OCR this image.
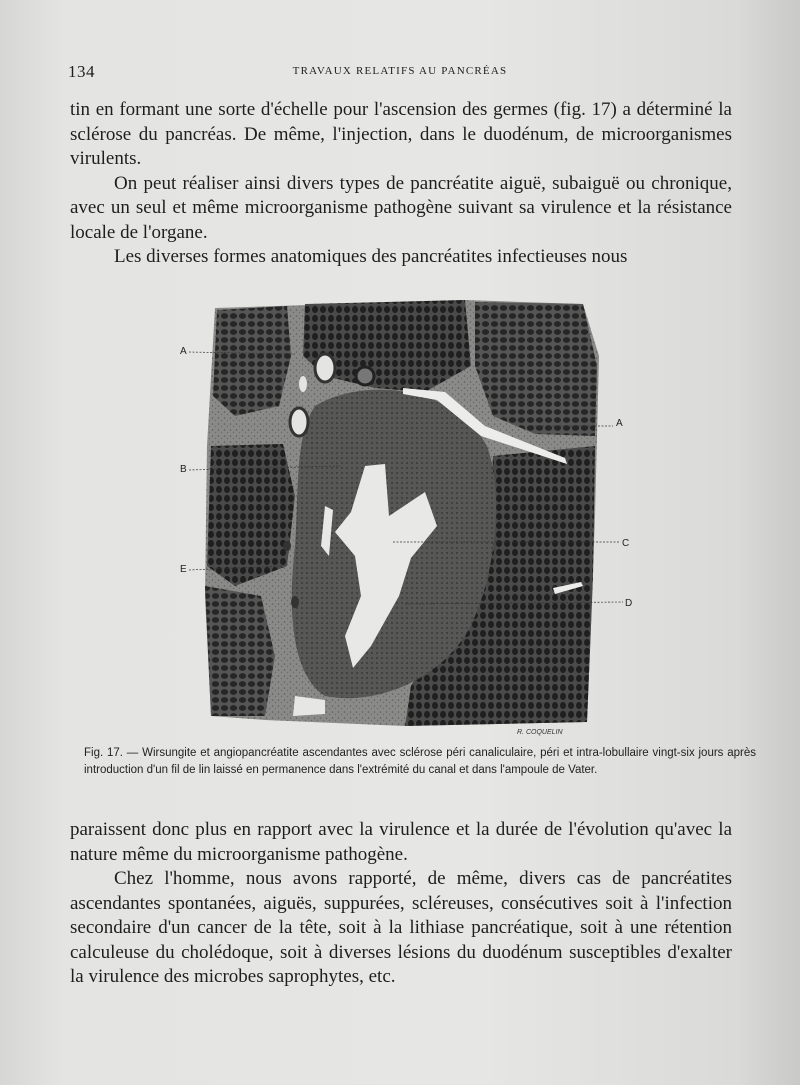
134	TRAVAUX RELATIFS AU PANCRÉAS

tin en formant une sorte d'échelle pour l'ascension des germes (fig. 17) a déterminé la sclérose du pancréas. De même, l'injection, dans le duodénum, de microorganismes virulents.

On peut réaliser ainsi divers types de pancréatite aiguë, subaiguë ou chronique, avec un seul et même microorganisme pathogène suivant sa virulence et la résistance locale de l'organe.

Les diverses formes anatomiques des pancréatites infectieuses nous

A
B
E
A
C
D
R. COQUELIN
Fig. 17. — Wirsungite et angiopancréatite ascendantes avec sclérose péri canaliculaire, péri et intra-lobullaire vingt-six jours après introduction d'un fil de lin laissé en permanence dans l'extrémité du canal et dans l'ampoule de Vater.

paraissent donc plus en rapport avec la virulence et la durée de l'évolution qu'avec la nature même du microorganisme pathogène.

Chez l'homme, nous avons rapporté, de même, divers cas de pancréatites ascendantes spontanées, aiguës, suppurées, scléreuses, consécutives soit à l'infection secondaire d'un cancer de la tête, soit à la lithiase pancréatique, soit à une rétention calculeuse du cholédoque, soit à diverses lésions du duodénum susceptibles d'exalter la virulence des microbes saprophytes, etc.
